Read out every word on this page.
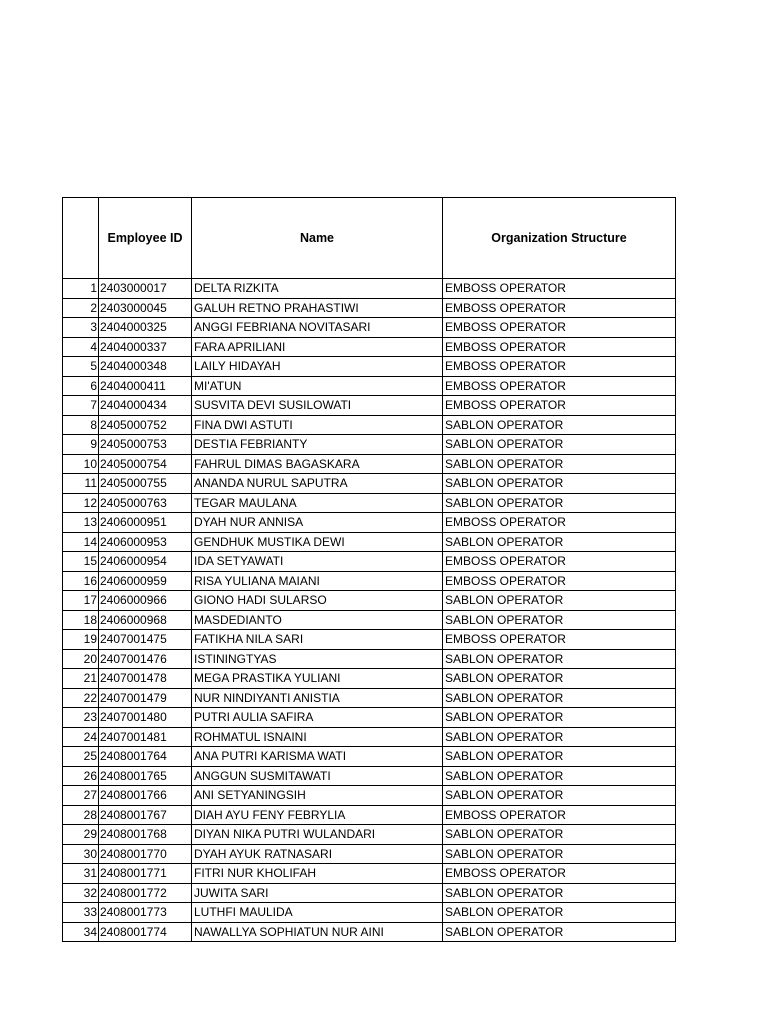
	Employee ID	Name	Organization Structure
1	2403000017	DELTA RIZKITA	EMBOSS OPERATOR
2	2403000045	GALUH RETNO PRAHASTIWI	EMBOSS OPERATOR
3	2404000325	ANGGI FEBRIANA NOVITASARI	EMBOSS OPERATOR
4	2404000337	FARA APRILIANI	EMBOSS OPERATOR
5	2404000348	LAILY HIDAYAH	EMBOSS OPERATOR
6	2404000411	MI'ATUN	EMBOSS OPERATOR
7	2404000434	SUSVITA DEVI SUSILOWATI	EMBOSS OPERATOR
8	2405000752	FINA DWI ASTUTI	SABLON OPERATOR
9	2405000753	DESTIA FEBRIANTY	SABLON OPERATOR
10	2405000754	FAHRUL DIMAS BAGASKARA	SABLON OPERATOR
11	2405000755	ANANDA NURUL SAPUTRA	SABLON OPERATOR
12	2405000763	TEGAR MAULANA	SABLON OPERATOR
13	2406000951	DYAH NUR ANNISA	EMBOSS OPERATOR
14	2406000953	GENDHUK MUSTIKA DEWI	SABLON OPERATOR
15	2406000954	IDA SETYAWATI	EMBOSS OPERATOR
16	2406000959	RISA YULIANA MAIANI	EMBOSS OPERATOR
17	2406000966	GIONO HADI SULARSO	SABLON OPERATOR
18	2406000968	MASDEDIANTO	SABLON OPERATOR
19	2407001475	FATIKHA NILA SARI	EMBOSS OPERATOR
20	2407001476	ISTININGTYAS	SABLON OPERATOR
21	2407001478	MEGA PRASTIKA YULIANI	SABLON OPERATOR
22	2407001479	NUR NINDIYANTI ANISTIA	SABLON OPERATOR
23	2407001480	PUTRI AULIA SAFIRA	SABLON OPERATOR
24	2407001481	ROHMATUL ISNAINI	SABLON OPERATOR
25	2408001764	ANA PUTRI KARISMA WATI	SABLON OPERATOR
26	2408001765	ANGGUN SUSMITAWATI	SABLON OPERATOR
27	2408001766	ANI SETYANINGSIH	SABLON OPERATOR
28	2408001767	DIAH AYU FENY FEBRYLIA	EMBOSS OPERATOR
29	2408001768	DIYAN NIKA PUTRI WULANDARI	SABLON OPERATOR
30	2408001770	DYAH AYUK RATNASARI	SABLON OPERATOR
31	2408001771	FITRI NUR KHOLIFAH	EMBOSS OPERATOR
32	2408001772	JUWITA SARI	SABLON OPERATOR
33	2408001773	LUTHFI MAULIDA	SABLON OPERATOR
34	2408001774	NAWALLYA SOPHIATUN NUR AINI	SABLON OPERATOR
